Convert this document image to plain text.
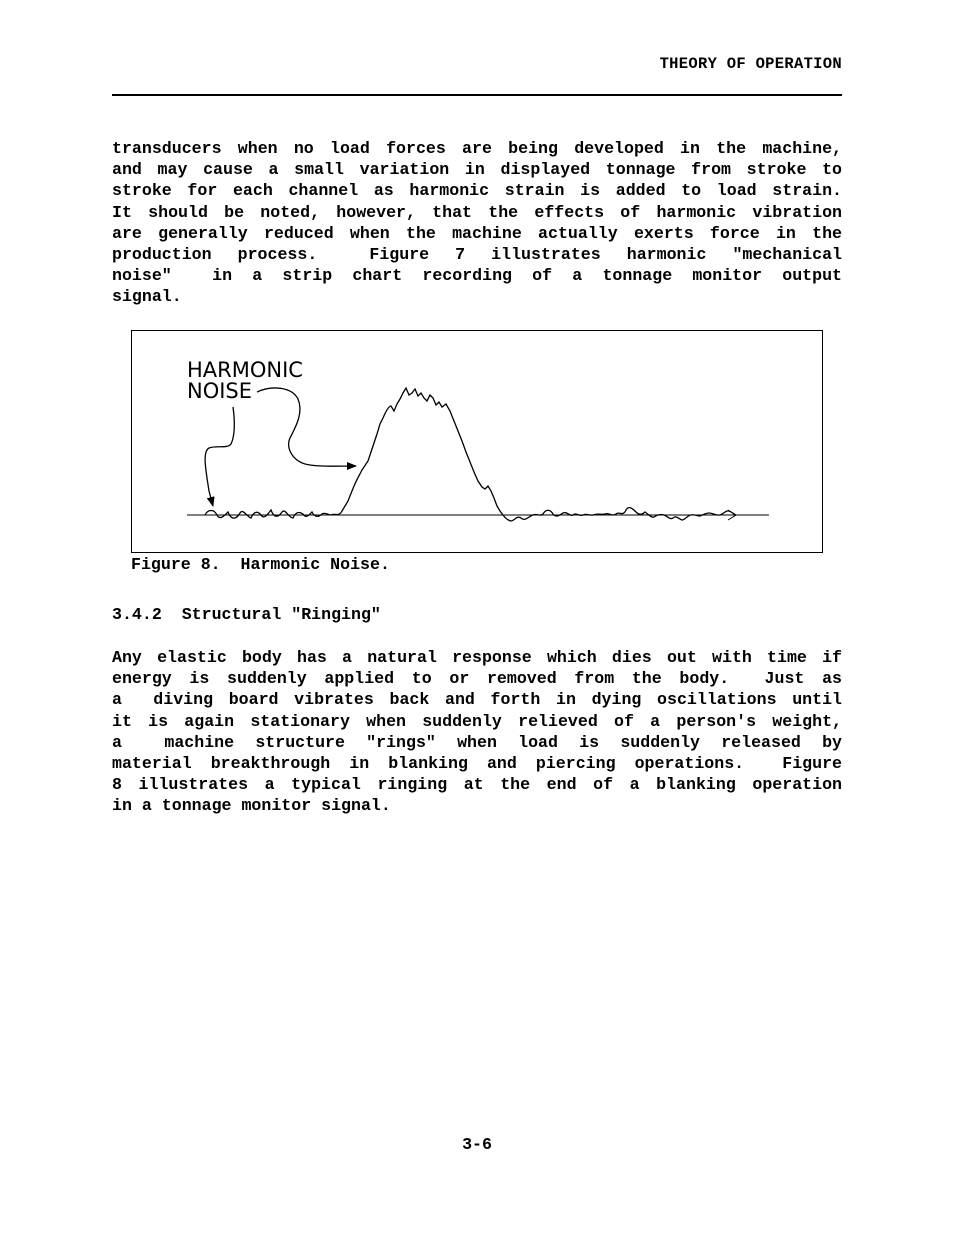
THEORY OF OPERATION
transducers when no load forces are being developed in the machine,
and may cause a small variation in displayed tonnage from stroke to
stroke for each channel as harmonic strain is added to load strain.
It should be noted, however, that the effects of harmonic vibration
are generally reduced when the machine actually exerts force in the
production process.  Figure 7 illustrates harmonic "mechanical
noise"  in a strip chart recording of a tonnage monitor output
signal.
HARMONIC
NOISE
Figure 8.  Harmonic Noise.
3.4.2  Structural "Ringing"
Any elastic body has a natural response which dies out with time if
energy is suddenly applied to or removed from the body.  Just as
a  diving board vibrates back and forth in dying oscillations until
it is again stationary when suddenly relieved of a person's weight,
a  machine structure "rings" when load is suddenly released by
material breakthrough in blanking and piercing operations.  Figure
8 illustrates a typical ringing at the end of a blanking operation
in a tonnage monitor signal.
3-6
